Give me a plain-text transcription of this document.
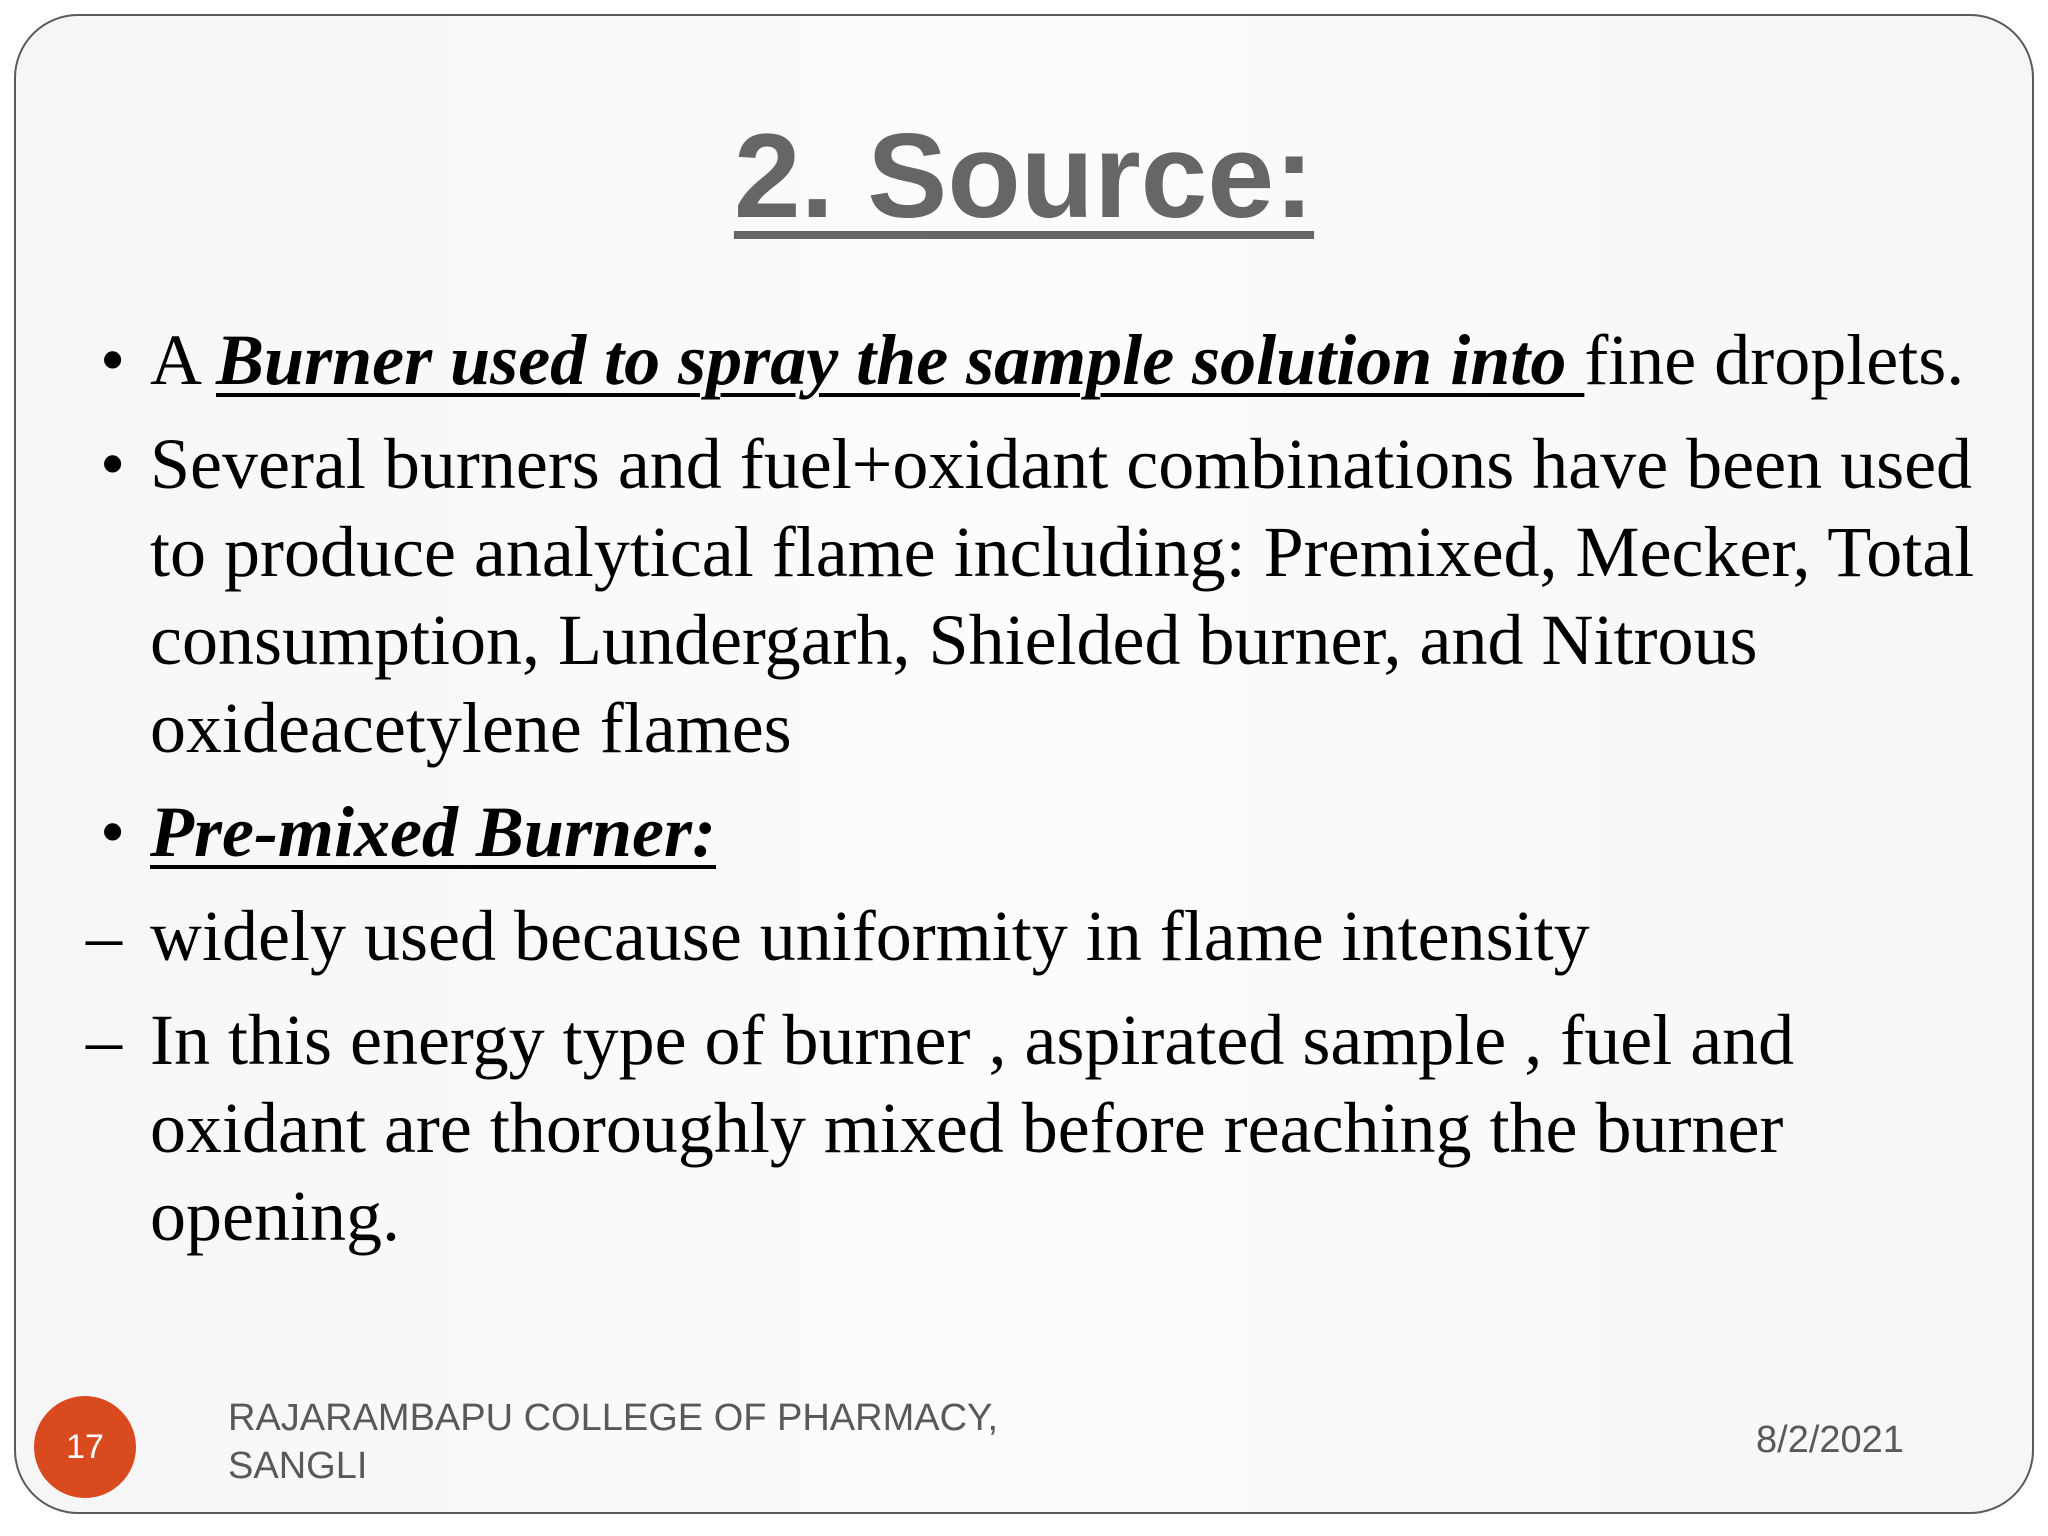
2. Source:
• A Burner used to spray the sample solution into fine droplets.
• Several burners and fuel+oxidant combinations have been used to produce analytical flame including: Premixed, Mecker, Total consumption, Lundergarh, Shielded burner, and Nitrous oxideacetylene flames
• Pre-mixed Burner:
– widely used because uniformity in flame intensity
– In this energy type of burner , aspirated sample , fuel and oxidant are thoroughly mixed before reaching the burner opening.
17
RAJARAMBAPU COLLEGE OF PHARMACY,
SANGLI
8/2/2021
